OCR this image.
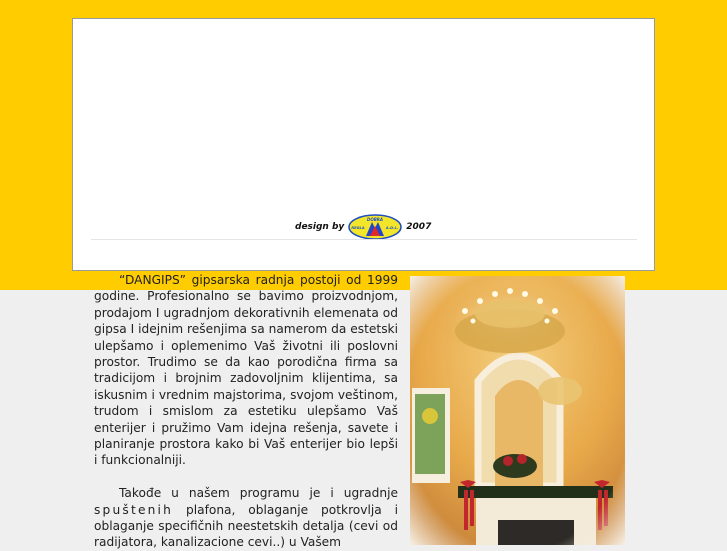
design by
DOBRA
REGLA	A.D.L. 2007

“DANGIPS” gipsarska radnja postoji od 1999 godine. Profesionalno se bavimo proizvodnjom, prodajom I ugradnjom dekorativnih elemenata od gipsa I idejnim rešenjima sa namerom da estetski ulepšamo i oplemenimo Vaš životni ili poslovni prostor. Trudimo se da kao porodična firma sa tradicijom i brojnim zadovoljnim klijentima, sa iskusnim i vrednim majstorima, svojom veštinom, trudom i smislom za estetiku ulepšamo Vaš enterijer i pružimo Vam idejna rešenja, savete i planiranje prostora kako bi Vaš enterijer bio lepši i funkcionalniji.

Takođe u našem programu je i ugradnje spuštenih plafona, oblaganje potkrovlja i oblaganje specifičnih neestetskih detalja (cevi od radijatora, kanalizacione cevi..) u Vašem
